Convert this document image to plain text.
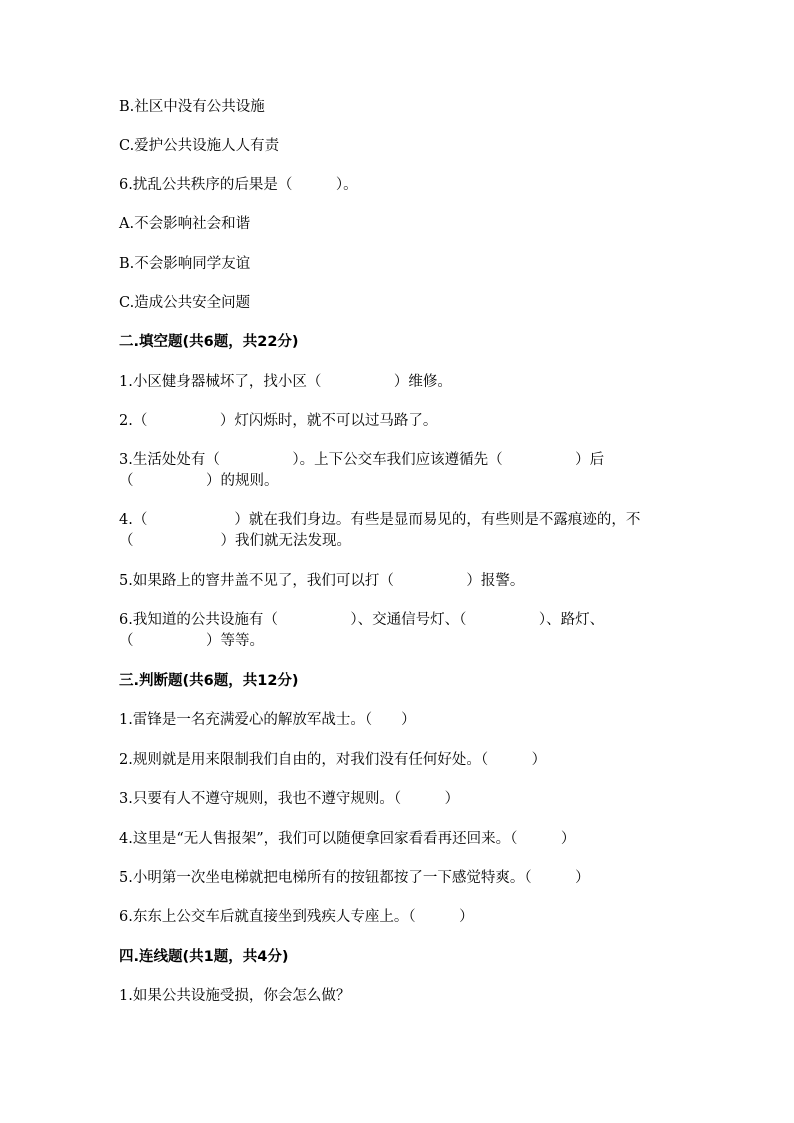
B.社区中没有公共设施
C.爱护公共设施人人有责
6.扰乱公共秩序的后果是（　　　）。
A.不会影响社会和谐
B.不会影响同学友谊
C.造成公共安全问题
二.填空题(共6题，共22分)
1.小区健身器械坏了，找小区（　　　　　）维修。
2.（　　　　　）灯闪烁时，就不可以过马路了。
3.生活处处有（　　　　　）。上下公交车我们应该遵循先（　　　　　）后（　　　　　）的规则。
4.（　　　　　　）就在我们身边。有些是显而易见的，有些则是不露痕迹的，不（　　　　　　）我们就无法发现。
5.如果路上的窨井盖不见了，我们可以打（　　　　　）报警。
6.我知道的公共设施有（　　　　　）、交通信号灯、（　　　　　）、路灯、（　　　　　）等等。
三.判断题(共6题，共12分)
1.雷锋是一名充满爱心的解放军战士。（　　）
2.规则就是用来限制我们自由的，对我们没有任何好处。（　　　）
3.只要有人不遵守规则，我也不遵守规则。（　　　）
4.这里是“无人售报架”，我们可以随便拿回家看看再还回来。（　　　）
5.小明第一次坐电梯就把电梯所有的按钮都按了一下感觉特爽。（　　　）
6.东东上公交车后就直接坐到残疾人专座上。（　　　）
四.连线题(共1题，共4分)
1.如果公共设施受损，你会怎么做？
